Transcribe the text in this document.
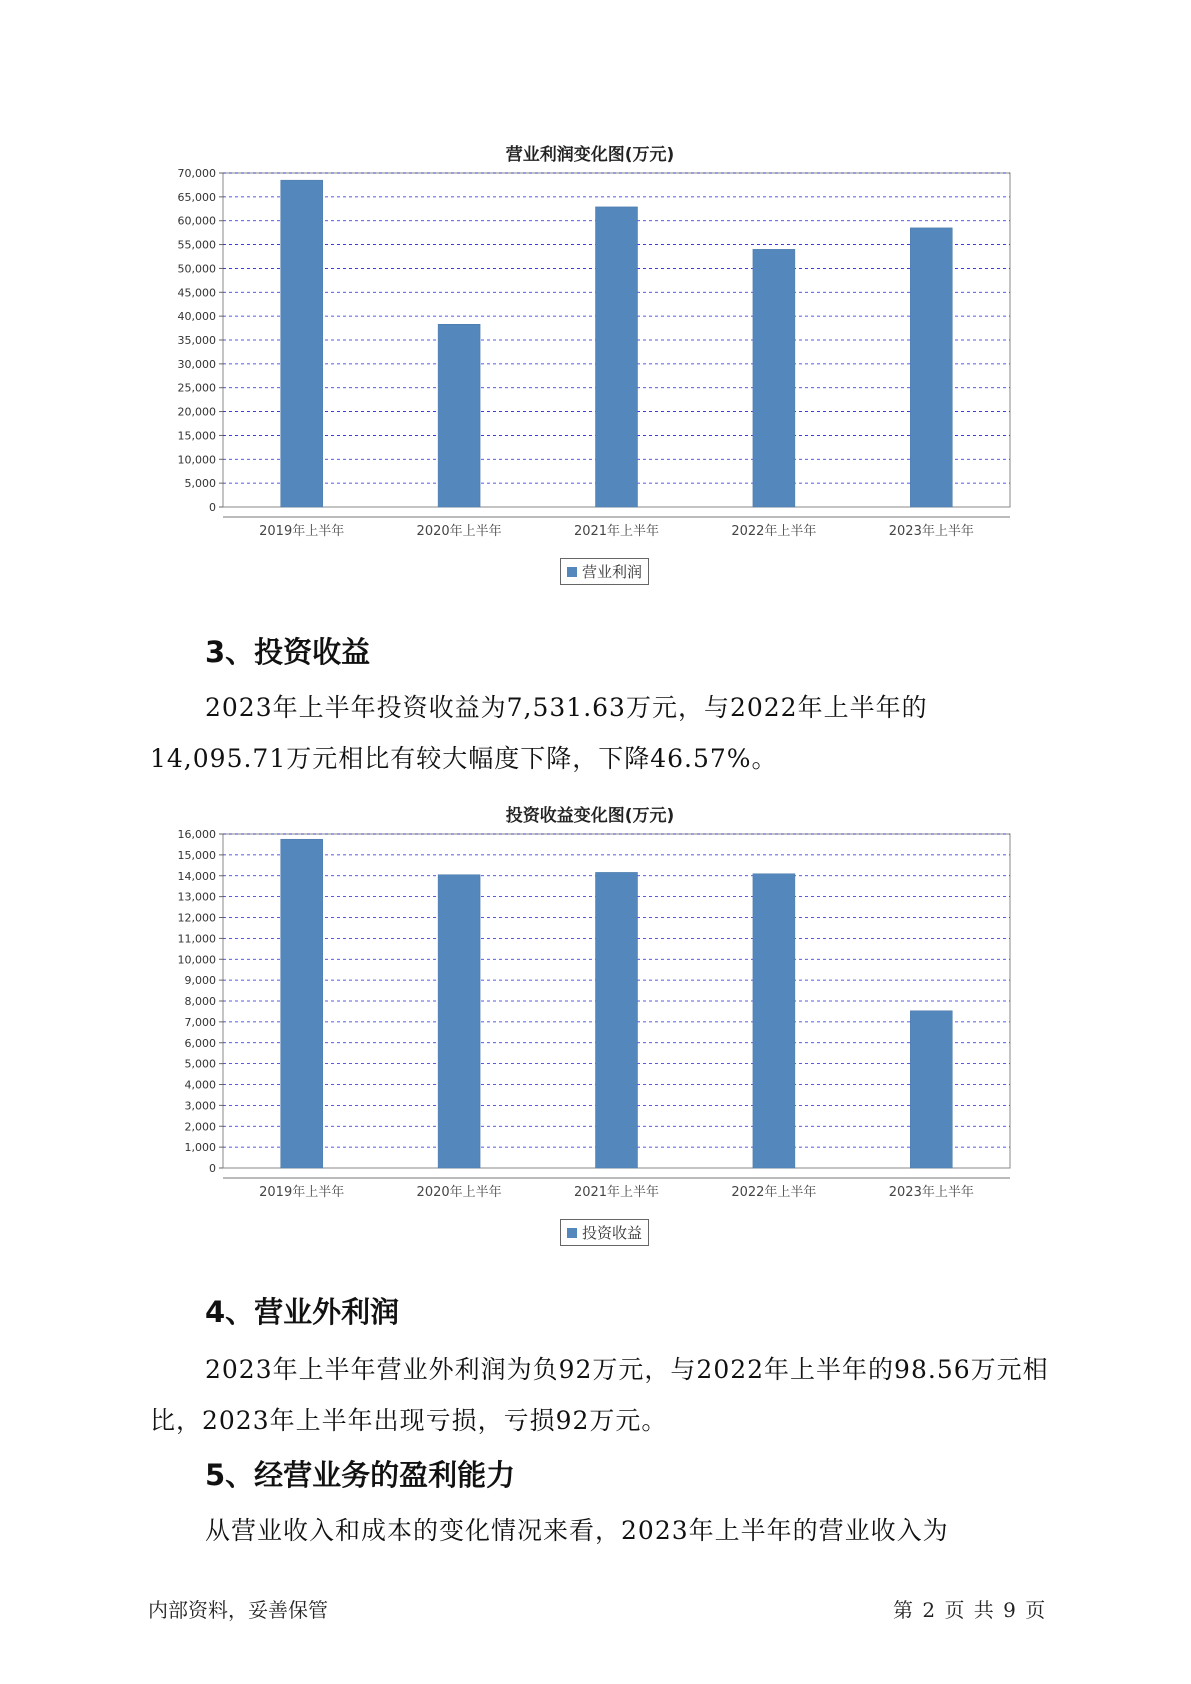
营业利润变化图(万元)
0
5,000
10,000
15,000
20,000
25,000
30,000
35,000
40,000
45,000
50,000
55,000
60,000
65,000
70,000
2019年上半年	2020年上半年	2021年上半年	2022年上半年	2023年上半年
营业利润
3、投资收益

2023年上半年投资收益为7,531.63万元，与2022年上半年的14,095.71万元相比有较大幅度下降，下降46.57%。

投资收益变化图(万元)
0
1,000
2,000
3,000
4,000
5,000
6,000
7,000
8,000
9,000
10,000
11,000
12,000
13,000
14,000
15,000
16,000
2019年上半年	2020年上半年	2021年上半年	2022年上半年	2023年上半年
投资收益
4、营业外利润

2023年上半年营业外利润为负92万元，与2022年上半年的98.56万元相比，2023年上半年出现亏损，亏损92万元。

5、经营业务的盈利能力

从营业收入和成本的变化情况来看，2023年上半年的营业收入为

内部资料，妥善保管	第 2 页 共 9 页
